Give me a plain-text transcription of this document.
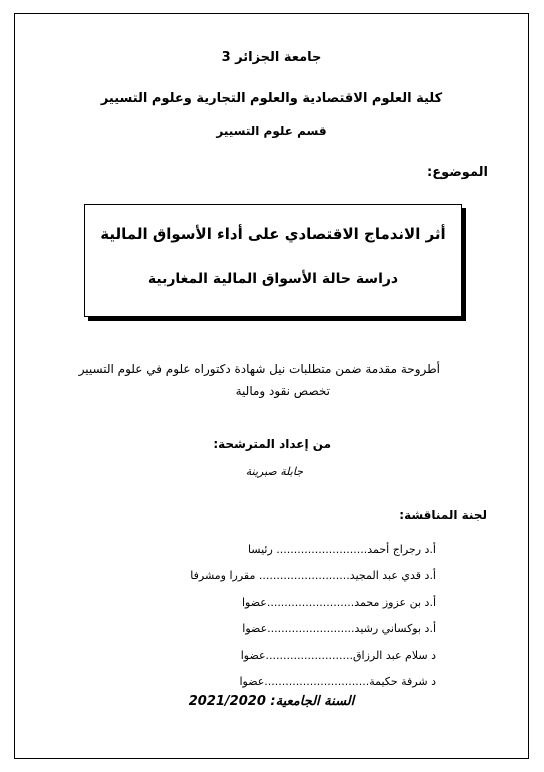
جامعة الجزائر 3
كلية العلوم الاقتصادية والعلوم التجارية وعلوم التسيير
قسم علوم التسيير
الموضوع:
أثر الاندماج الاقتصادي على أداء الأسواق المالية
دراسة حالة الأسواق المالية المغاربية
أطروحة مقدمة ضمن متطلبات نيل شهادة دكتوراه علوم في علوم التسيير
تخصص نقود ومالية
من إعداد المترشحة:
جابلة صبرينة
لجنة المناقشة:
أ.د رجراج أحمد.......................... رئيسا
أ.د قدي عبد المجيد.......................... مقررا ومشرفا
أ.د بن عزوز محمد.........................عضوا
أ.د بوكساني رشيد.........................عضوا
د سلام عبد الرزاق.........................عضوا
د شرفة حكيمة..............................عضوا
السنة الجامعية: 2021/2020
